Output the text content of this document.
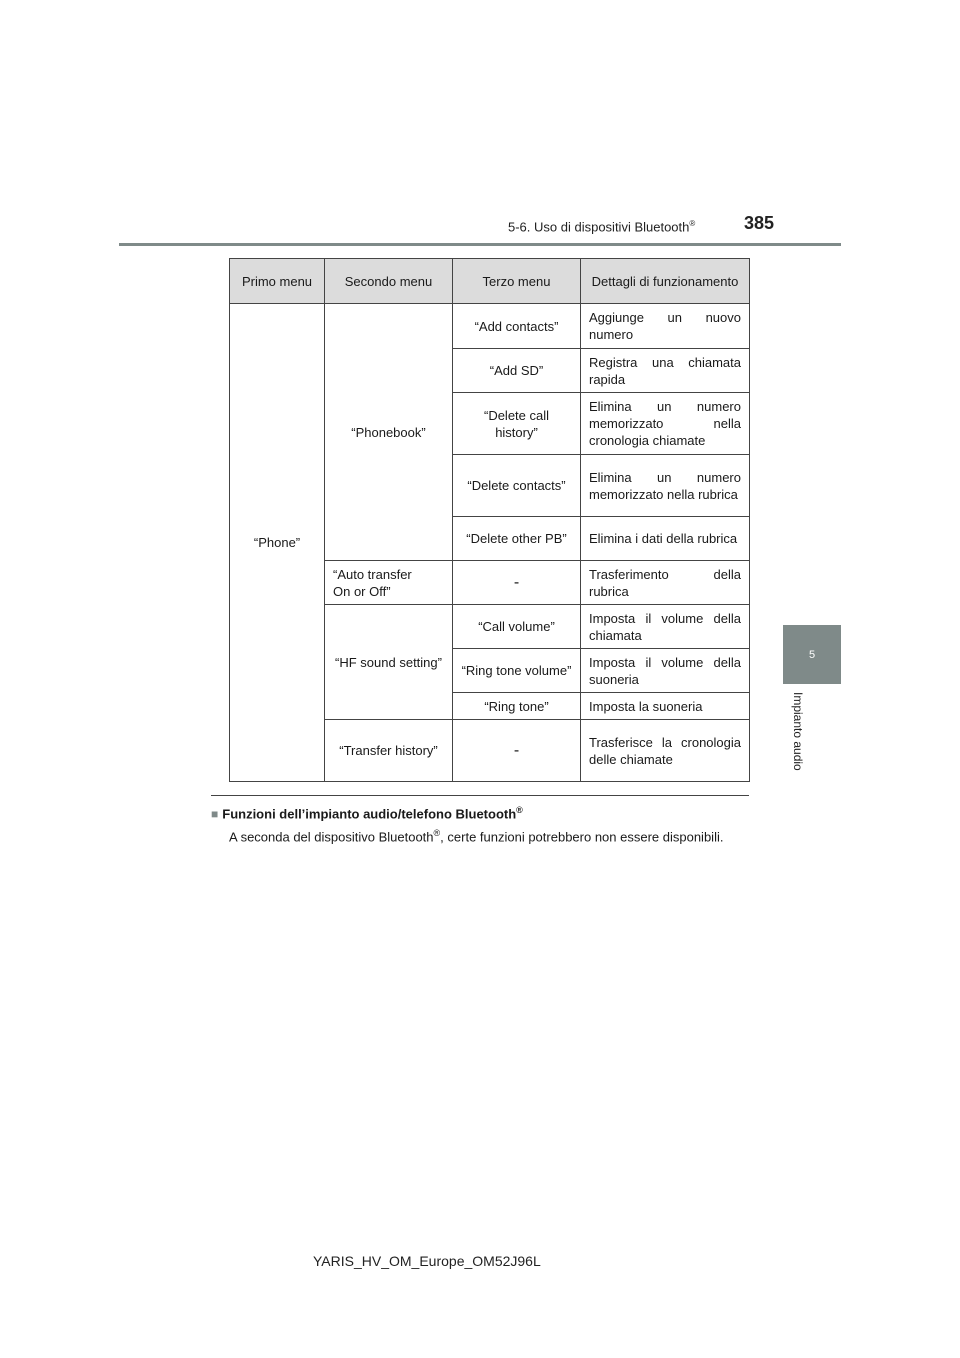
5-6. Uso di dispositivi Bluetooth®	385
5
Impianto audio
Primo menu	Secondo menu	Terzo menu	Dettagli di funzionamento
“Phone”	“Phonebook”	“Add contacts”	Aggiunge un nuovo numero
		“Add SD”	Registra una chiamata rapida
		“Delete call history”	Elimina un numero memorizzato nella cronologia chiamate
		“Delete contacts”	Elimina un numero memorizzato nella rubrica
		“Delete other PB”	Elimina i dati della rubrica
	“Auto transfer
On or Off”	-	Trasferimento della rubrica
	“HF sound setting”	“Call volume”	Imposta il volume della chiamata
		“Ring tone volume”	Imposta il volume della suoneria
		“Ring tone”	Imposta la suoneria
	“Transfer history”	-	Trasferisce la cronologia delle chiamate
■ Funzioni dell’impianto audio/telefono Bluetooth®
A seconda del dispositivo Bluetooth®, certe funzioni potrebbero non essere disponibili.
YARIS_HV_OM_Europe_OM52J96L
